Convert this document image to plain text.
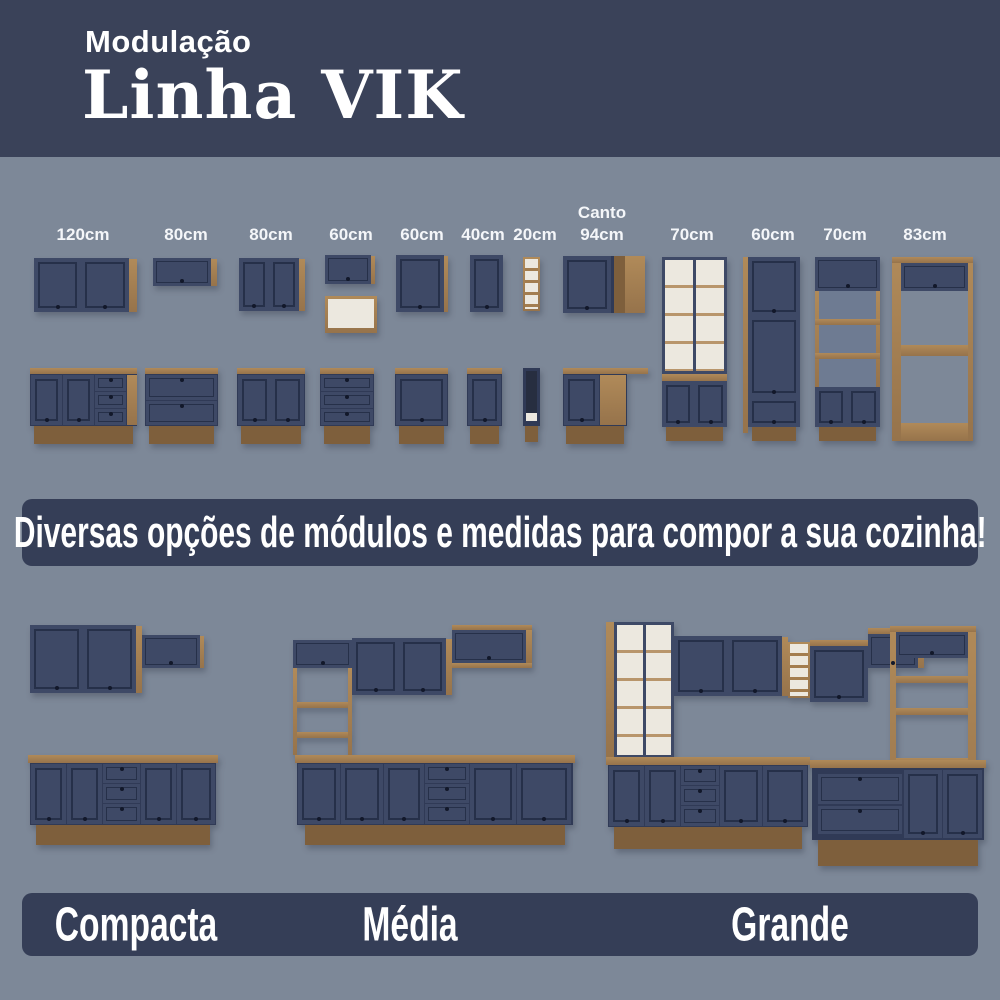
Modulação
Linha VIK
120cm	80cm 80cm 60cm 60cm 40cm 20cm
Canto
94cm	70cm 60cm 70cm 83cm
Diversas opções de módulos e medidas para compor a sua cozinha!
Compacta	Média	Grande
